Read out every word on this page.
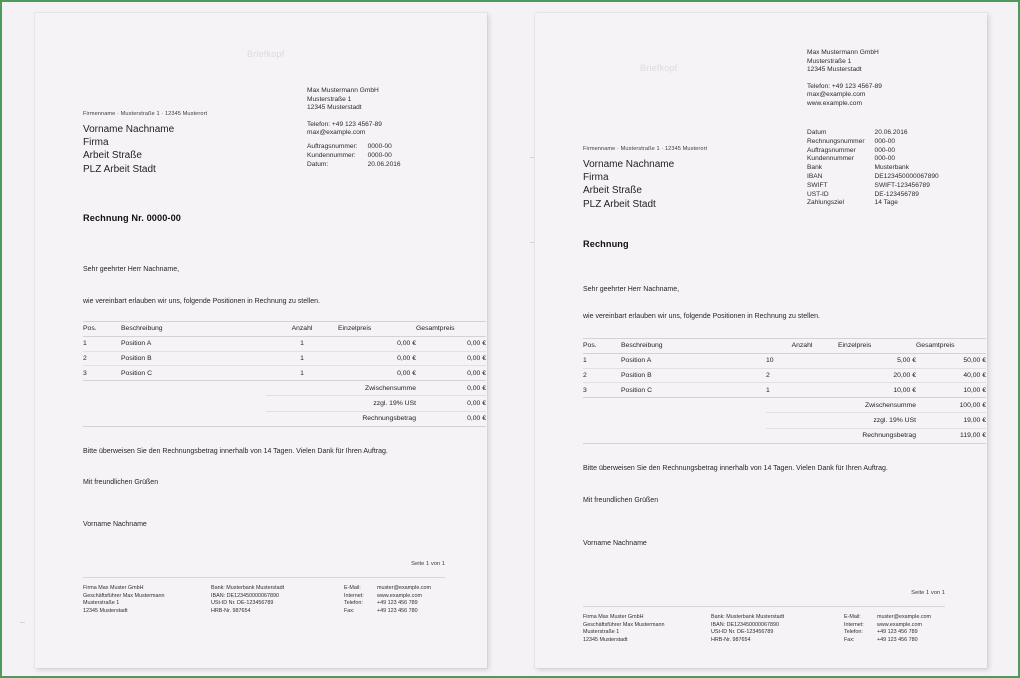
Briefkopf
Firmenname · Musterstraße 1 · 12345 Musterort
Vorname Nachname
Firma
Arbeit Straße
PLZ Arbeit Stadt
Max Mustermann GmbH
Musterstraße 1
12345 Musterstadt
Telefon: +49 123 4567-89
max@example.com
Auftragsnummer:	0000-00
Kundennummer:	0000-00
Datum:	20.06.2016
Rechnung Nr. 0000-00
Sehr geehrter Herr Nachname,
wie vereinbart erlauben wir uns, folgende Positionen in Rechnung zu stellen.
Pos.	Beschreibung	Anzahl	Einzelpreis	Gesamtpreis
1	Position A	1	0,00 €	0,00 €
2	Position B	1	0,00 €	0,00 €
3	Position C	1	0,00 €	0,00 €
		Zwischensumme		0,00 €
		zzgl. 19% USt		0,00 €
		Rechnungsbetrag		0,00 €
Bitte überweisen Sie den Rechnungsbetrag innerhalb von 14 Tagen. Vielen Dank für Ihren Auftrag.
Mit freundlichen Grüßen
Vorname Nachname
Seite 1 von 1
Firma Max Muster GmbH
Geschäftsführer Max Mustermann
Musterstraße 1
12345 Musterstadt
Bank: Musterbank Musterstadt
IBAN: DE123450000067890
USt-ID Nr. DE-123456789
HRB-Nr. 987654
E-Mail:	muster@example.com
Internet:	www.example.com
Telefon:	+49 123 456 789
Fax:	+49 123 456 780
Briefkopf
Max Mustermann GmbH
Musterstraße 1
12345 Musterstadt
Telefon: +49 123 4567-89
max@example.com
www.example.com
Datum	20.06.2016
Rechnungsnummer	000-00
Auftragsnummer	000-00
Kundennummer	000-00
Bank	Musterbank
IBAN	DE123450000067890
SWIFT	SWIFT-123456789
UST-ID	DE-123456789
Zahlungsziel	14 Tage
Firmenname · Musterstraße 1 · 12345 Musterort
Vorname Nachname
Firma
Arbeit Straße
PLZ Arbeit Stadt
Rechnung
Sehr geehrter Herr Nachname,
wie vereinbart erlauben wir uns, folgende Positionen in Rechnung zu stellen.
Pos.	Beschreibung	Anzahl	Einzelpreis	Gesamtpreis
1	Position A	10	5,00 €	50,00 €
2	Position B	2	20,00 €	40,00 €
3	Position C	1	10,00 €	10,00 €
		Zwischensumme		100,00 €
		zzgl. 19% USt		19,00 €
		Rechnungsbetrag		119,00 €
Bitte überweisen Sie den Rechnungsbetrag innerhalb von 14 Tagen. Vielen Dank für Ihren Auftrag.
Mit freundlichen Grüßen
Vorname Nachname
Seite 1 von 1
Firma Max Muster GmbH
Geschäftsführer Max Mustermann
Musterstraße 1
12345 Musterstadt
Bank: Musterbank Musterstadt
IBAN: DE123450000067890
USt-ID Nr. DE-123456789
HRB-Nr. 987654
E-Mail:	muster@example.com
Internet:	www.example.com
Telefon:	+49 123 456 789
Fax:	+49 123 456 780
